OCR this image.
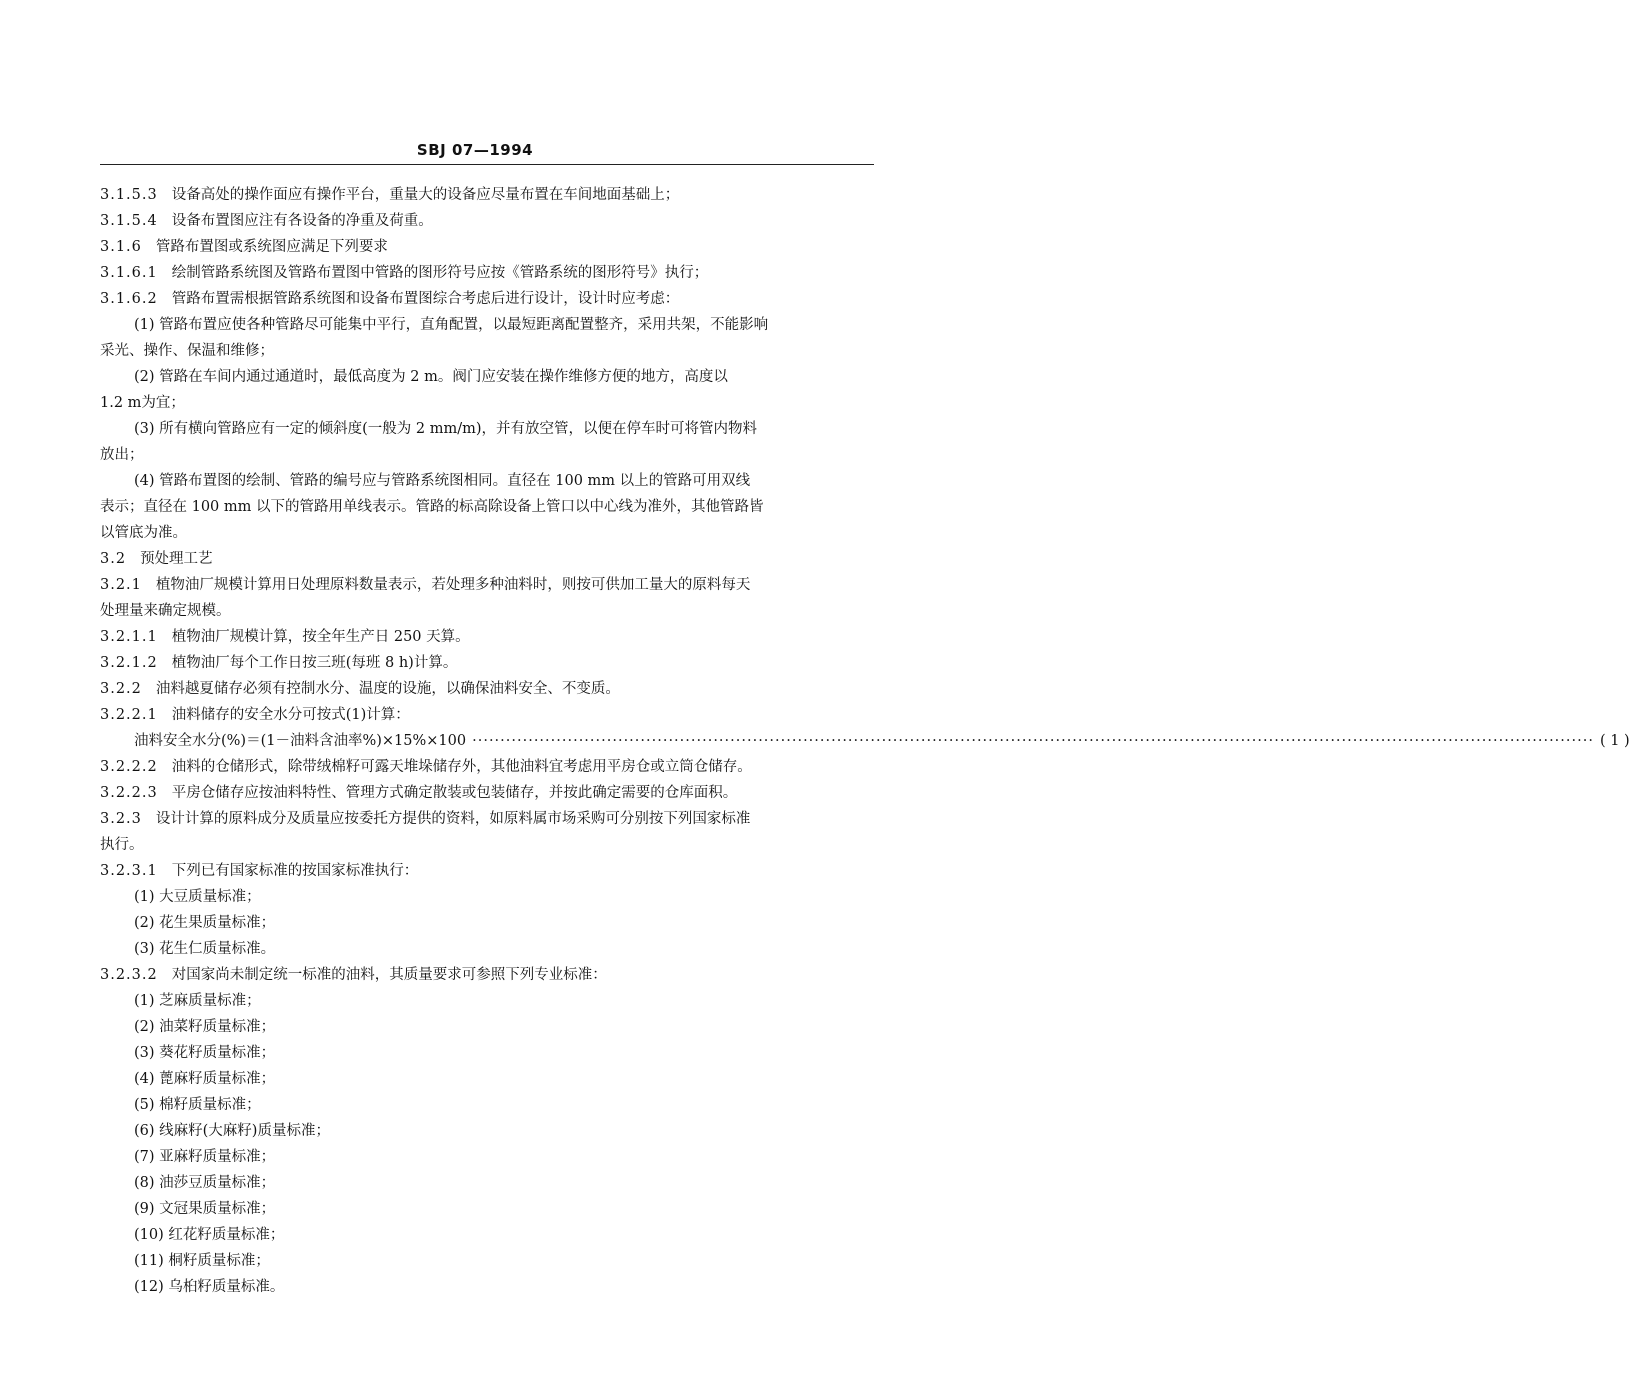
SBJ 07—1994
3.1.5.3 设备高处的操作面应有操作平台，重量大的设备应尽量布置在车间地面基础上；
3.1.5.4 设备布置图应注有各设备的净重及荷重。
3.1.6 管路布置图或系统图应满足下列要求
3.1.6.1 绘制管路系统图及管路布置图中管路的图形符号应按《管路系统的图形符号》执行；
3.1.6.2 管路布置需根据管路系统图和设备布置图综合考虑后进行设计，设计时应考虑：
(1) 管路布置应使各种管路尽可能集中平行，直角配置，以最短距离配置整齐，采用共架，不能影响
采光、操作、保温和维修；
(2) 管路在车间内通过通道时，最低高度为 2 m。阀门应安装在操作维修方便的地方，高度以
1.2 m为宜；
(3) 所有横向管路应有一定的倾斜度(一般为 2 mm/m)，并有放空管，以便在停车时可将管内物料
放出；
(4) 管路布置图的绘制、管路的编号应与管路系统图相同。直径在 100 mm 以上的管路可用双线
表示；直径在 100 mm 以下的管路用单线表示。管路的标高除设备上管口以中心线为准外，其他管路皆
以管底为准。
3.2 预处理工艺
3.2.1 植物油厂规模计算用日处理原料数量表示，若处理多种油料时，则按可供加工量大的原料每天
处理量来确定规模。
3.2.1.1 植物油厂规模计算，按全年生产日 250 天算。
3.2.1.2 植物油厂每个工作日按三班(每班 8 h)计算。
3.2.2 油料越夏储存必须有控制水分、温度的设施，以确保油料安全、不变质。
3.2.2.1 油料储存的安全水分可按式(1)计算：
油料安全水分(%)＝(1－油料含油率%)×15%×100 ········································································································································································································ ( 1 )
3.2.2.2 油料的仓储形式，除带绒棉籽可露天堆垛储存外，其他油料宜考虑用平房仓或立筒仓储存。
3.2.2.3 平房仓储存应按油料特性、管理方式确定散装或包装储存，并按此确定需要的仓库面积。
3.2.3 设计计算的原料成分及质量应按委托方提供的资料，如原料属市场采购可分别按下列国家标准
执行。
3.2.3.1 下列已有国家标准的按国家标准执行：
(1) 大豆质量标准；
(2) 花生果质量标准；
(3) 花生仁质量标准。
3.2.3.2 对国家尚未制定统一标准的油料，其质量要求可参照下列专业标准：
(1) 芝麻质量标准；
(2) 油菜籽质量标准；
(3) 葵花籽质量标准；
(4) 蓖麻籽质量标准；
(5) 棉籽质量标准；
(6) 线麻籽(大麻籽)质量标准；
(7) 亚麻籽质量标准；
(8) 油莎豆质量标准；
(9) 文冠果质量标准；
(10) 红花籽质量标准；
(11) 桐籽质量标准；
(12) 乌桕籽质量标准。
